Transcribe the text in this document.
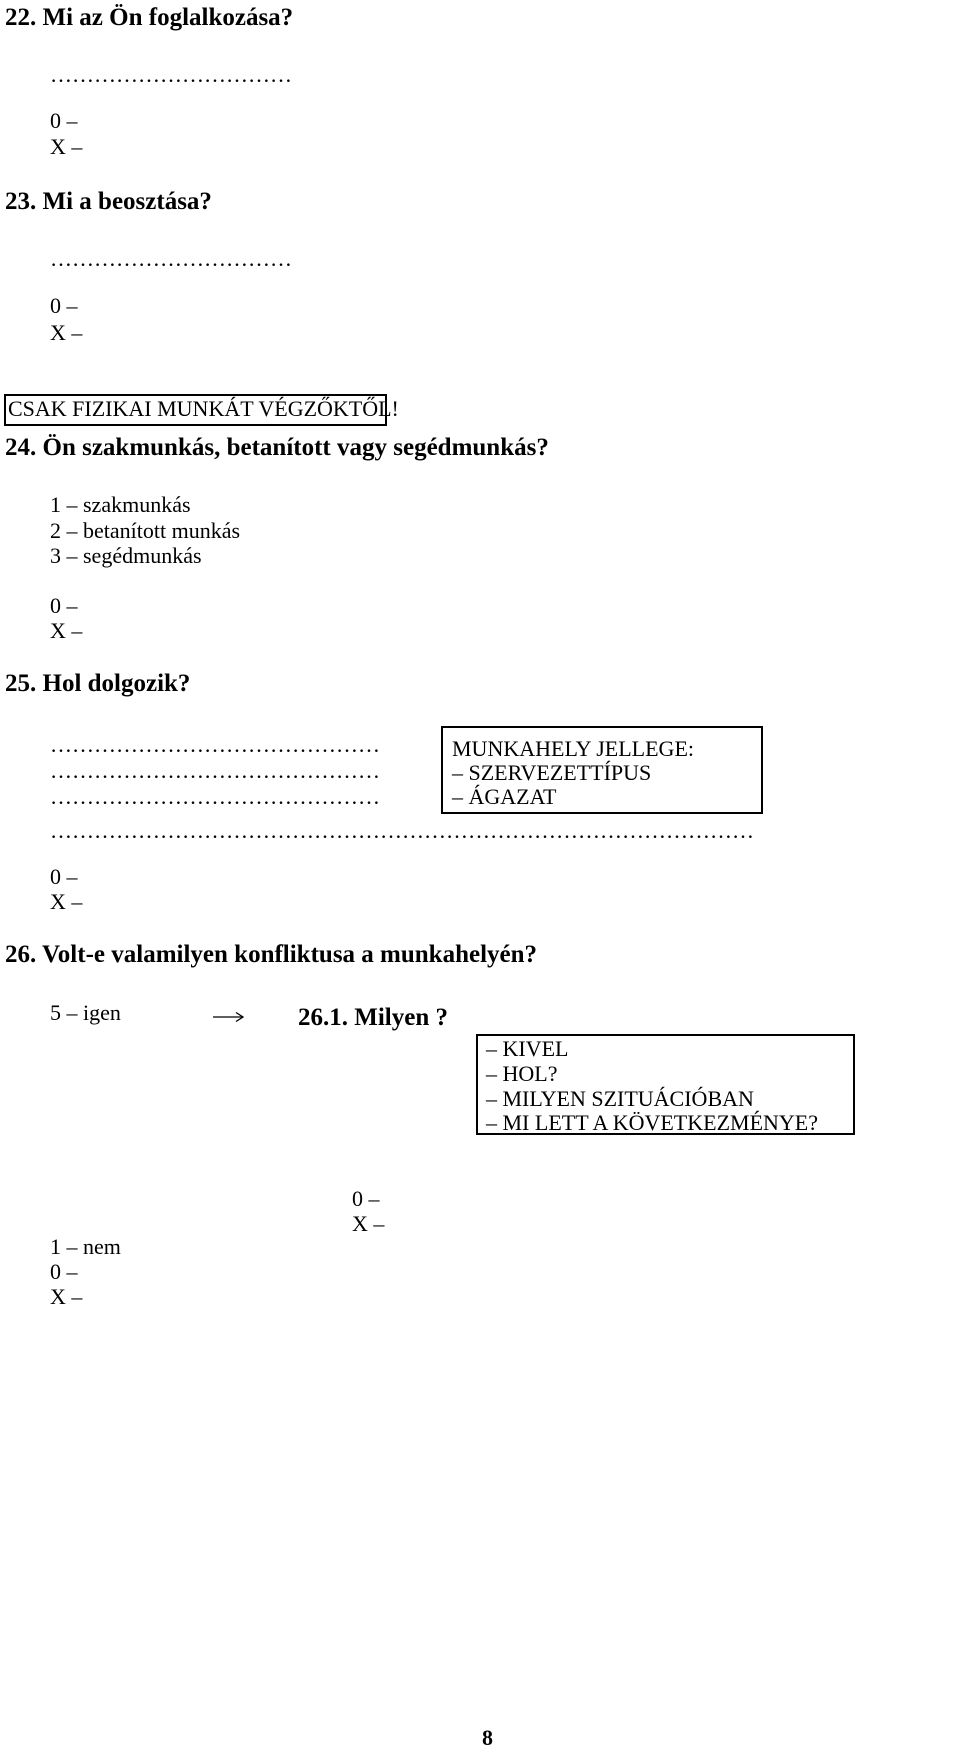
22. Mi az Ön foglalkozása?
……………………………
0 –
X –
23. Mi a beosztása?
……………………………
0 –
X –
CSAK FIZIKAI MUNKÁT VÉGZŐKTŐL!
24. Ön szakmunkás, betanított vagy segédmunkás?
1 – szakmunkás
2 – betanított munkás
3 – segédmunkás
0 –
X –
25. Hol dolgozik?
………………………………………
………………………………………
………………………………………
MUNKAHELY JELLEGE:
– SZERVEZETTÍPUS
– ÁGAZAT
……………………………………………………………………………………
0 –
X –
26. Volt-e valamilyen konfliktusa a munkahelyén?
5 – igen	26.1. Milyen ?
– KIVEL
– HOL?
– MILYEN SZITUÁCIÓBAN
– MI LETT A KÖVETKEZMÉNYE?
0 –
X –
1 – nem
0 –
X –
8
